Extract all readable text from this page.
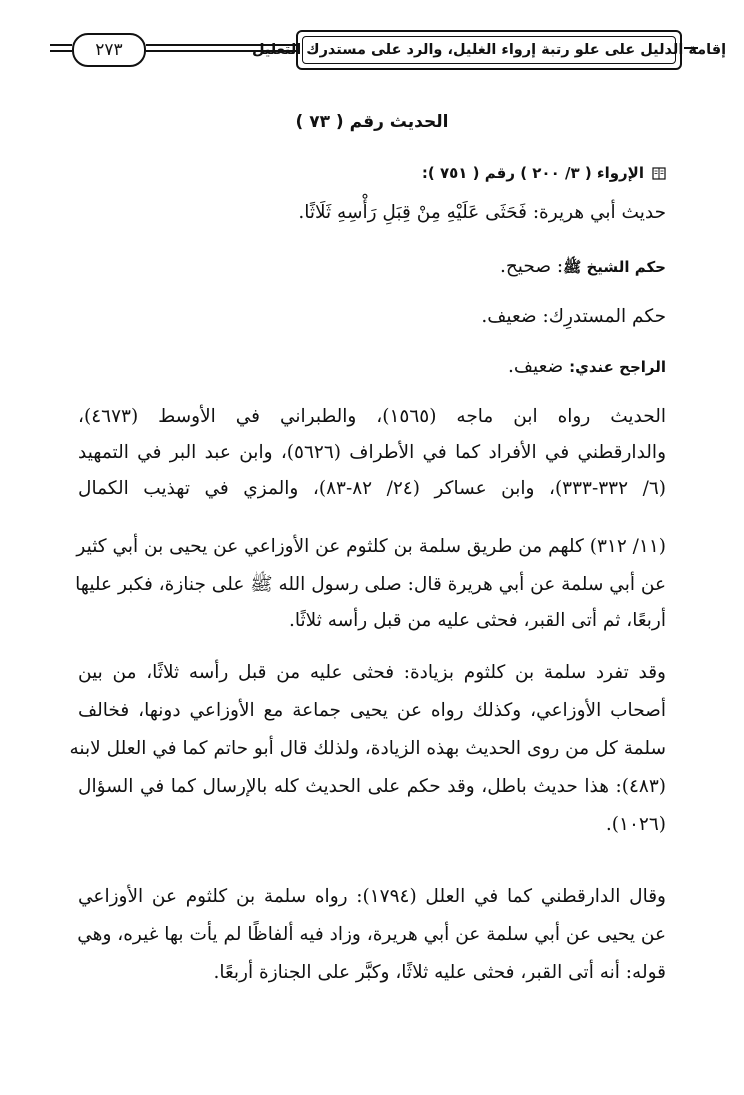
إقامة الدليل على علو رتبة إرواء الغليل، والرد على مستدرك التعليل
٢٧٣
الحديث رقم ( ٧٣ )
الإرواء ( ٣/ ٢٠٠ ) رقم ( ٧٥١ ):
حديث أبي هريرة: فَحَثَى عَلَيْهِ مِنْ قِبَلِ رَأْسِهِ ثَلَاثًا.
حكم الشيخ ﷺ: صحيح.
حكم المستدرِك: ضعيف.
الراجح عندي: ضعيف.
الحديث رواه ابن ماجه (١٥٦٥)، والطبراني في الأوسط (٤٦٧٣)،
والدارقطني في الأفراد كما في الأطراف (٥٦٢٦)، وابن عبد البر في التمهيد
(٦/ ٣٣٢-٣٣٣)، وابن عساكر (٢٤/ ٨٢-٨٣)، والمزي في تهذيب الكمال
(١١/ ٣١٢) كلهم من طريق سلمة بن كلثوم عن الأوزاعي عن يحيى بن أبي كثير
عن أبي سلمة عن أبي هريرة قال: صلى رسول الله ﷺ على جنازة، فكبر عليها
أربعًا، ثم أتى القبر، فحثى عليه من قبل رأسه ثلاثًا.
وقد تفرد سلمة بن كلثوم بزيادة: فحثى عليه من قبل رأسه ثلاثًا، من بين
أصحاب الأوزاعي، وكذلك رواه عن يحيى جماعة مع الأوزاعي دونها، فخالف
سلمة كل من روى الحديث بهذه الزيادة، ولذلك قال أبو حاتم كما في العلل لابنه
(٤٨٣): هذا حديث باطل، وقد حكم على الحديث كله بالإرسال كما في السؤال
(١٠٢٦).
وقال الدارقطني كما في العلل (١٧٩٤): رواه سلمة بن كلثوم عن الأوزاعي
عن يحيى عن أبي سلمة عن أبي هريرة، وزاد فيه ألفاظًا لم يأت بها غيره، وهي
قوله: أنه أتى القبر، فحثى عليه ثلاثًا، وكبَّر على الجنازة أربعًا.
